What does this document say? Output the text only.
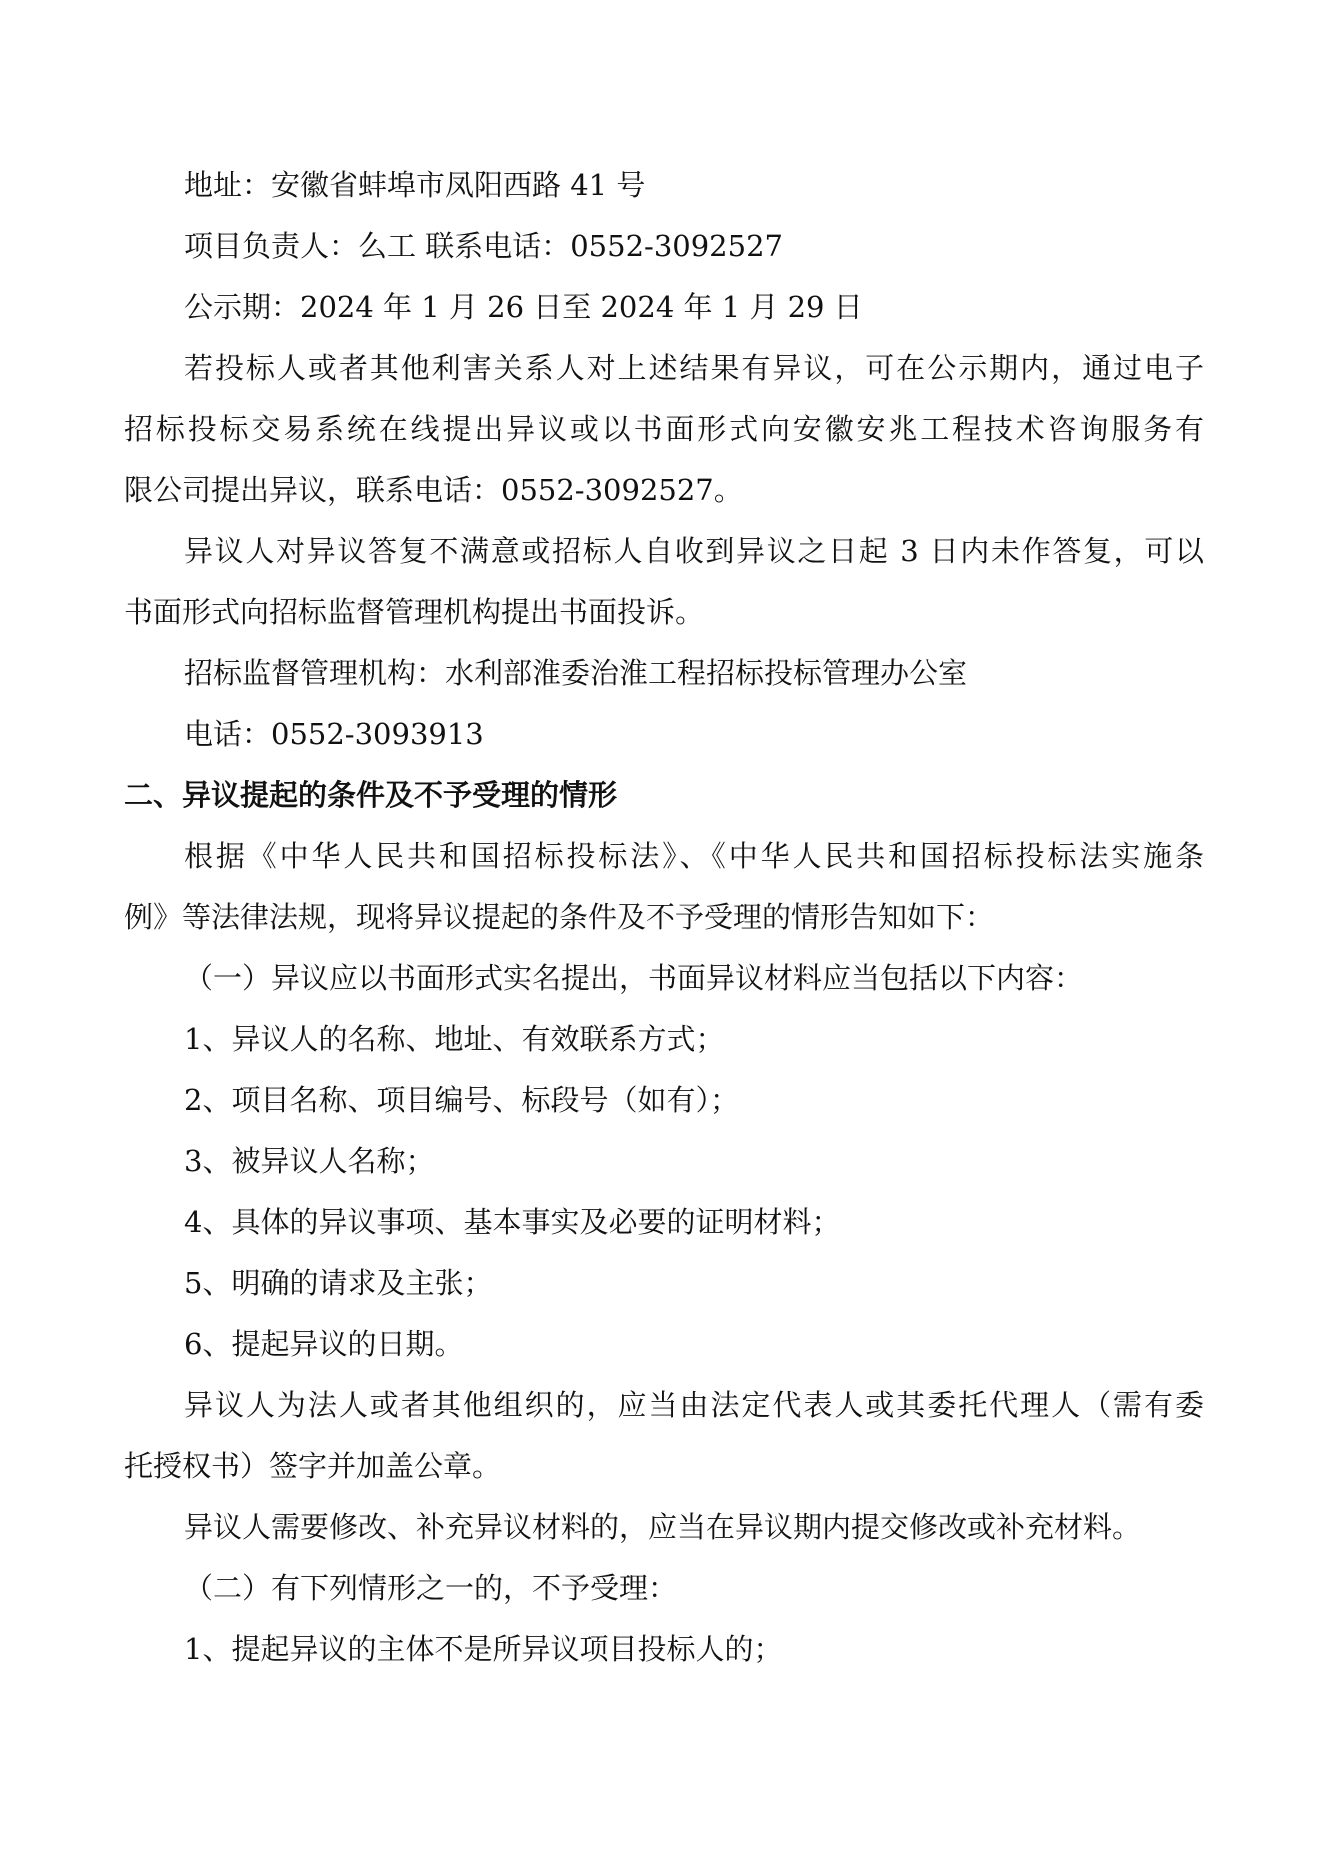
地址：安徽省蚌埠市凤阳西路 41 号
项目负责人：么工 联系电话：0552-3092527
公示期：2024 年 1 月 26 日至 2024 年 1 月 29 日
若投标人或者其他利害关系人对上述结果有异议，可在公示期内，通过电子
招标投标交易系统在线提出异议或以书面形式向安徽安兆工程技术咨询服务有
限公司提出异议，联系电话：0552-3092527。
异议人对异议答复不满意或招标人自收到异议之日起 3 日内未作答复，可以
书面形式向招标监督管理机构提出书面投诉。
招标监督管理机构：水利部淮委治淮工程招标投标管理办公室
电话：0552-3093913
二、异议提起的条件及不予受理的情形
根据《中华人民共和国招标投标法》、《中华人民共和国招标投标法实施条
例》等法律法规，现将异议提起的条件及不予受理的情形告知如下：
（一）异议应以书面形式实名提出，书面异议材料应当包括以下内容：
1、异议人的名称、地址、有效联系方式；
2、项目名称、项目编号、标段号（如有）；
3、被异议人名称；
4、具体的异议事项、基本事实及必要的证明材料；
5、明确的请求及主张；
6、提起异议的日期。
异议人为法人或者其他组织的，应当由法定代表人或其委托代理人（需有委
托授权书）签字并加盖公章。
异议人需要修改、补充异议材料的，应当在异议期内提交修改或补充材料。
（二）有下列情形之一的，不予受理：
1、提起异议的主体不是所异议项目投标人的；
